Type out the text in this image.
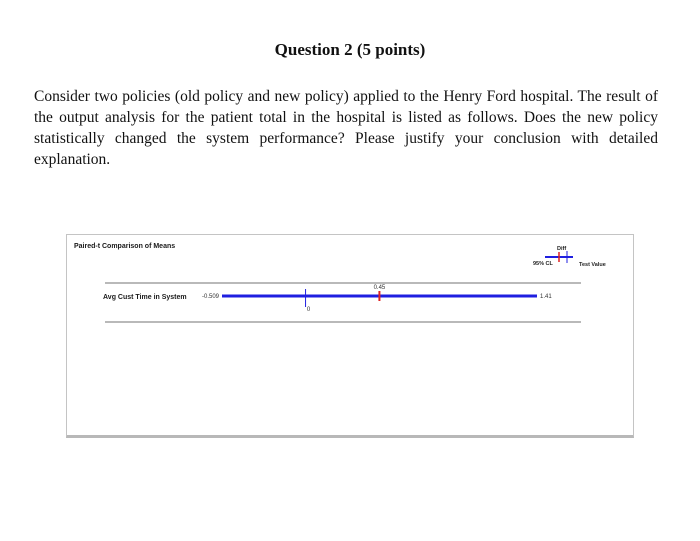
Question 2 (5 points)
Consider two policies (old policy and new policy) applied to the Henry Ford hospital. The result of the output analysis for the patient total in the hospital is listed as follows. Does the new policy statistically changed the system performance? Please justify your conclusion with detailed explanation.
Paired-t Comparison of Means	Diff
95% CL	Test Value
Avg Cust Time in System	-0.509	1.41
0.45
0
